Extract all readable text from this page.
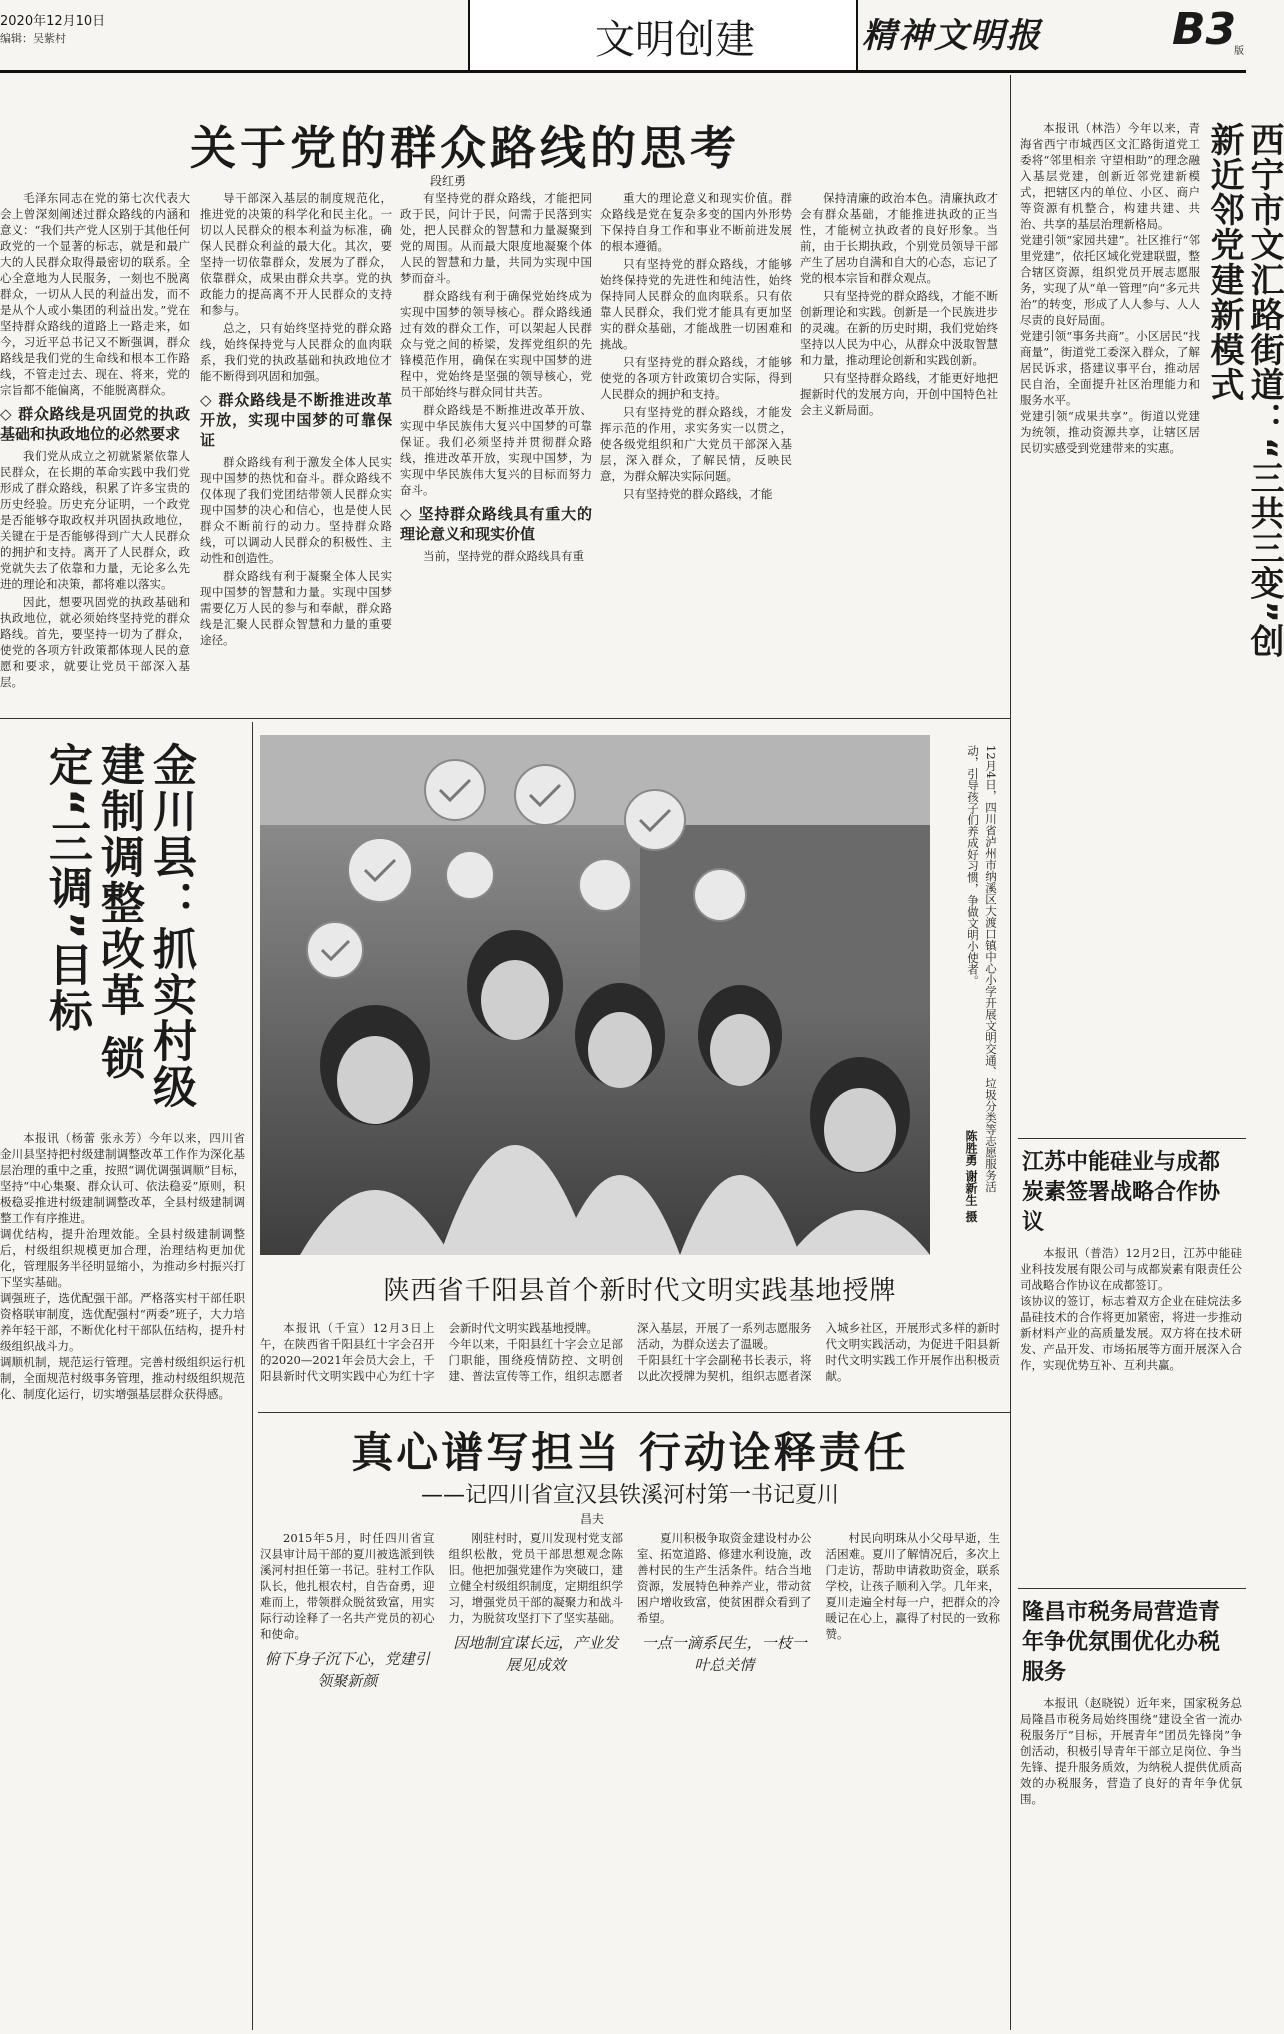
2020年12月10日
编辑：吴紫村	文明创建	精神文明报	B3
版
关于党的群众路线的思考
段红勇

毛泽东同志在党的第七次代表大会上曾深刻阐述过群众路线的内涵和意义：“我们共产党人区别于其他任何政党的一个显著的标志，就是和最广大的人民群众取得最密切的联系。全心全意地为人民服务，一刻也不脱离群众，一切从人民的利益出发，而不是从个人或小集团的利益出发。”党在坚持群众路线的道路上一路走来，如今，习近平总书记又不断强调，群众路线是我们党的生命线和根本工作路线，不管走过去、现在、将来，党的宗旨都不能偏离，不能脱离群众。

◇ 群众路线是巩固党的执政基础和执政地位的必然要求

我们党从成立之初就紧紧依靠人民群众，在长期的革命实践中我们党形成了群众路线，积累了许多宝贵的历史经验。历史充分证明，一个政党是否能够夺取政权并巩固执政地位，关键在于是否能够得到广大人民群众的拥护和支持。离开了人民群众，政党就失去了依靠和力量，无论多么先进的理论和决策，都将难以落实。

因此，想要巩固党的执政基础和执政地位，就必须始终坚持党的群众路线。首先，要坚持一切为了群众，使党的各项方针政策都体现人民的意愿和要求，就要让党员干部深入基层。

导干部深入基层的制度规范化，推进党的决策的科学化和民主化。一切以人民群众的根本利益为标准，确保人民群众利益的最大化。其次，要坚持一切依靠群众，发展为了群众，依靠群众，成果由群众共享。党的执政能力的提高离不开人民群众的支持和参与。

总之，只有始终坚持党的群众路线，始终保持党与人民群众的血肉联系，我们党的执政基础和执政地位才能不断得到巩固和加强。

◇ 群众路线是不断推进改革开放，实现中国梦的可靠保证

群众路线有利于激发全体人民实现中国梦的热忱和奋斗。群众路线不仅体现了我们党团结带领人民群众实现中国梦的决心和信心，也是使人民群众不断前行的动力。坚持群众路线，可以调动人民群众的积极性、主动性和创造性。

群众路线有利于凝聚全体人民实现中国梦的智慧和力量。实现中国梦需要亿万人民的参与和奉献，群众路线是汇聚人民群众智慧和力量的重要途径。

有坚持党的群众路线，才能把同政于民，问计于民，问需于民落到实处，把人民群众的智慧和力量凝聚到党的周围。从而最大限度地凝聚个体人民的智慧和力量，共同为实现中国梦而奋斗。

群众路线有利于确保党始终成为实现中国梦的领导核心。群众路线通过有效的群众工作，可以架起人民群众与党之间的桥梁，发挥党组织的先锋模范作用，确保在实现中国梦的进程中，党始终是坚强的领导核心，党员干部始终与群众同甘共苦。

群众路线是不断推进改革开放、实现中华民族伟大复兴中国梦的可靠保证。我们必须坚持并贯彻群众路线，推进改革开放，实现中国梦，为实现中华民族伟大复兴的目标而努力奋斗。

◇ 坚持群众路线具有重大的理论意义和现实价值

当前，坚持党的群众路线具有重

重大的理论意义和现实价值。群众路线是党在复杂多变的国内外形势下保持自身工作和事业不断前进发展的根本遵循。

只有坚持党的群众路线，才能够始终保持党的先进性和纯洁性，始终保持同人民群众的血肉联系。只有依靠人民群众，我们党才能具有更加坚实的群众基础，才能战胜一切困难和挑战。

只有坚持党的群众路线，才能够使党的各项方针政策切合实际，得到人民群众的拥护和支持。

只有坚持党的群众路线，才能发挥示范的作用，求实务实一以贯之，使各级党组织和广大党员干部深入基层，深入群众，了解民情，反映民意，为群众解决实际问题。

只有坚持党的群众路线，才能

保持清廉的政治本色。清廉执政才会有群众基础，才能推进执政的正当性，才能树立执政者的良好形象。当前，由于长期执政，个别党员领导干部产生了居功自满和自大的心态，忘记了党的根本宗旨和群众观点。

只有坚持党的群众路线，才能不断创新理论和实践。创新是一个民族进步的灵魂。在新的历史时期，我们党始终坚持以人民为中心，从群众中汲取智慧和力量，推动理论创新和实践创新。

只有坚持群众路线，才能更好地把握新时代的发展方向，开创中国特色社会主义新局面。

本报讯（林浩）今年以来，青海省西宁市城西区文汇路街道党工委将“邻里相亲 守望相助”的理念融入基层党建，创新近邻党建新模式，把辖区内的单位、小区、商户等资源有机整合，构建共建、共治、共享的基层治理新格局。
党建引领“家园共建”。社区推行“邻里党建”，依托区域化党建联盟，整合辖区资源，组织党员开展志愿服务，实现了从“单一管理”向“多元共治”的转变，形成了人人参与、人人尽责的良好局面。
党建引领“事务共商”。小区居民“找商量”，街道党工委深入群众，了解居民诉求，搭建议事平台，推动居民自治，全面提升社区治理能力和服务水平。
党建引领“成果共享”。街道以党建为统领，推动资源共享，让辖区居民切实感受到党建带来的实惠。	西宁市文汇路街道：“三共三变”创新近邻党建新模式
金川县：抓实村级建制调整改革 锁定“三调”目标

本报讯（杨蕾 张永芳）今年以来，四川省金川县坚持把村级建制调整改革工作作为深化基层治理的重中之重，按照“调优调强调顺”目标，坚持“中心集聚、群众认可、依法稳妥”原则，积极稳妥推进村级建制调整改革，全县村级建制调整工作有序推进。
调优结构，提升治理效能。全县村级建制调整后，村级组织规模更加合理，治理结构更加优化，管理服务半径明显缩小，为推动乡村振兴打下坚实基础。
调强班子，选优配强干部。严格落实村干部任职资格联审制度，选优配强村“两委”班子，大力培养年轻干部，不断优化村干部队伍结构，提升村级组织战斗力。
调顺机制，规范运行管理。完善村级组织运行机制，全面规范村级事务管理，推动村级组织规范化、制度化运行，切实增强基层群众获得感。

12月4日，四川省泸州市纳溪区大渡口镇中心小学开展文明交通、垃圾分类等志愿服务活动，引导孩子们养成好习惯，争做文明小使者。
陈胜勇 谢新生 摄
陕西省千阳县首个新时代文明实践基地授牌

本报讯（千宣）12月3日上午，在陕西省千阳县红十字会召开的2020—2021年会员大会上，千阳县新时代文明实践中心为红十字会新时代文明实践基地授牌。
今年以来，千阳县红十字会立足部门职能，围绕疫情防控、文明创建、普法宣传等工作，组织志愿者深入基层，开展了一系列志愿服务活动，为群众送去了温暖。
千阳县红十字会副秘书长表示，将以此次授牌为契机，组织志愿者深入城乡社区，开展形式多样的新时代文明实践活动，为促进千阳县新时代文明实践工作开展作出积极贡献。

真心谱写担当 行动诠释责任
——记四川省宣汉县铁溪河村第一书记夏川
昌夫

2015年5月，时任四川省宣汉县审计局干部的夏川被选派到铁溪河村担任第一书记。驻村工作队队长，他扎根农村，自告奋勇，迎难而上，带领群众脱贫致富，用实际行动诠释了一名共产党员的初心和使命。

俯下身子沉下心，党建引领聚新颜

刚驻村时，夏川发现村党支部组织松散，党员干部思想观念陈旧。他把加强党建作为突破口，建立健全村级组织制度，定期组织学习，增强党员干部的凝聚力和战斗力，为脱贫攻坚打下了坚实基础。

因地制宜谋长远，产业发展见成效

夏川积极争取资金建设村办公室、拓宽道路、修建水利设施，改善村民的生产生活条件。结合当地资源，发展特色种养产业，带动贫困户增收致富，使贫困群众看到了希望。

一点一滴系民生，一枝一叶总关情

村民向明珠从小父母早逝，生活困难。夏川了解情况后，多次上门走访，帮助申请救助资金，联系学校，让孩子顺利入学。几年来，夏川走遍全村每一户，把群众的冷暖记在心上，赢得了村民的一致称赞。

江苏中能硅业与成都炭素签署战略合作协议

本报讯（普浩）12月2日，江苏中能硅业科技发展有限公司与成都炭素有限责任公司战略合作协议在成都签订。
该协议的签订，标志着双方企业在硅烷法多晶硅技术的合作将更加紧密，将进一步推动新材料产业的高质量发展。双方将在技术研发、产品开发、市场拓展等方面开展深入合作，实现优势互补、互利共赢。

隆昌市税务局营造青年争优氛围优化办税服务

本报讯（赵晓锐）近年来，国家税务总局隆昌市税务局始终围绕“建设全省一流办税服务厅”目标，开展青年“团员先锋岗”争创活动，积极引导青年干部立足岗位、争当先锋、提升服务质效，为纳税人提供优质高效的办税服务，营造了良好的青年争优氛围。
